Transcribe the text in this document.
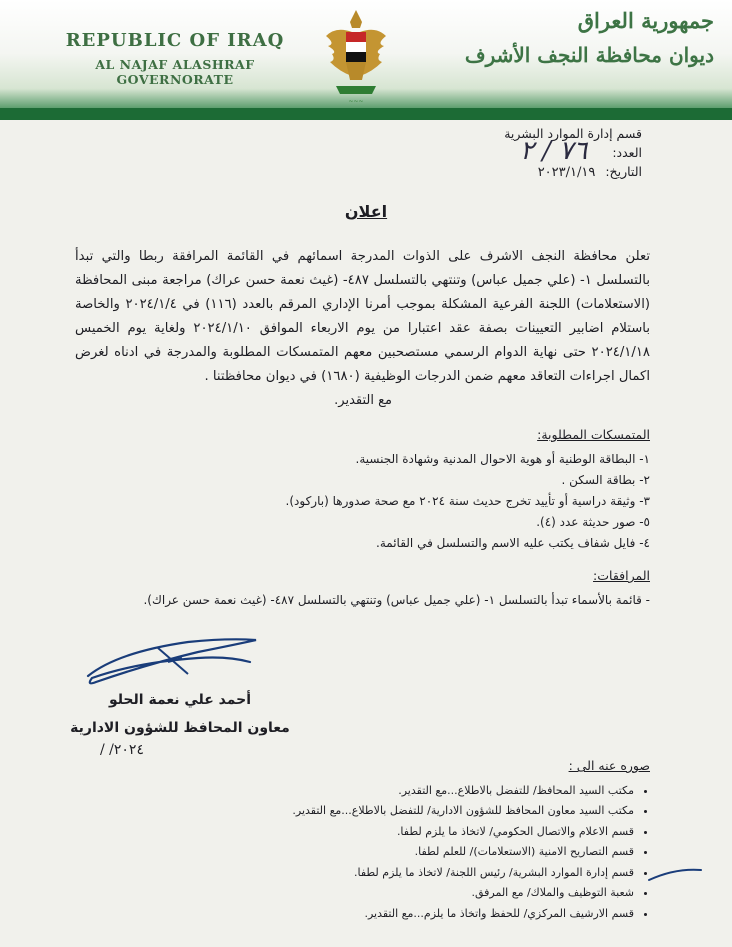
REPUBLIC OF IRAQ
AL NAJAF ALASHRAF GOVERNORATE
~~~
جمهورية العراق
ديوان محافظة النجف الأشرف
قسم إدارة الموارد البشرية
العدد:
التاريخ: ٢٠٢٣/١/١٩
٧٦ / ٢
اعلان
تعلن محافظة النجف الاشرف على الذوات المدرجة اسمائهم في القائمة المرافقة ربطا والتي تبدأ بالتسلسل ١- (علي جميل عباس) وتنتهي بالتسلسل ٤٨٧- (غيث نعمة حسن عراك) مراجعة مبنى المحافظة (الاستعلامات) اللجنة الفرعية المشكلة بموجب أمرنا الإداري المرقم بالعدد (١١٦) في ٢٠٢٤/١/٤ والخاصة باستلام اضابير التعيينات بصفة عقد اعتبارا من يوم الاربعاء الموافق ٢٠٢٤/١/١٠ ولغاية يوم الخميس ٢٠٢٤/١/١٨ حتى نهاية الدوام الرسمي مستصحبين معهم المتمسكات المطلوبة والمدرجة في ادناه لغرض اكمال اجراءات التعاقد معهم ضمن الدرجات الوظيفية (١٦٨٠) في ديوان محافظتنا .
مع التقدير.
المتمسكات المطلوبة:
١- البطاقة الوطنية أو هوية الاحوال المدنية وشهادة الجنسية.
٢- بطاقة السكن .
٣- وثيقة دراسية أو تأييد تخرج حديث سنة ٢٠٢٤ مع صحة صدورها (باركود).
٥- صور حديثة عدد (٤).
٤- فايل شفاف يكتب عليه الاسم والتسلسل في القائمة.
المرافقات:
- قائمة بالأسماء تبدأ بالتسلسل ١- (علي جميل عباس) وتنتهي بالتسلسل ٤٨٧- (غيث نعمة حسن عراك).
أحمد علي نعمة الحلو
معاون المحافظ للشؤون الادارية
/ /٢٠٢٤
صوره عنه الى :
• مكتب السيد المحافظ/ للتفضل بالاطلاع...مع التقدير.
• مكتب السيد معاون المحافظ للشؤون الادارية/ للتفضل بالاطلاع...مع التقدير.
• قسم الاعلام والاتصال الحكومي/ لاتخاذ ما يلزم لطفا.
• قسم التصاريح الامنية (الاستعلامات)/ للعلم لطفا.
• قسم إدارة الموارد البشرية/ رئيس اللجنة/ لاتخاذ ما يلزم لطفا.
• شعبة التوظيف والملاك/ مع المرفق.
• قسم الارشيف المركزي/ للحفظ واتخاذ ما يلزم...مع التقدير.
